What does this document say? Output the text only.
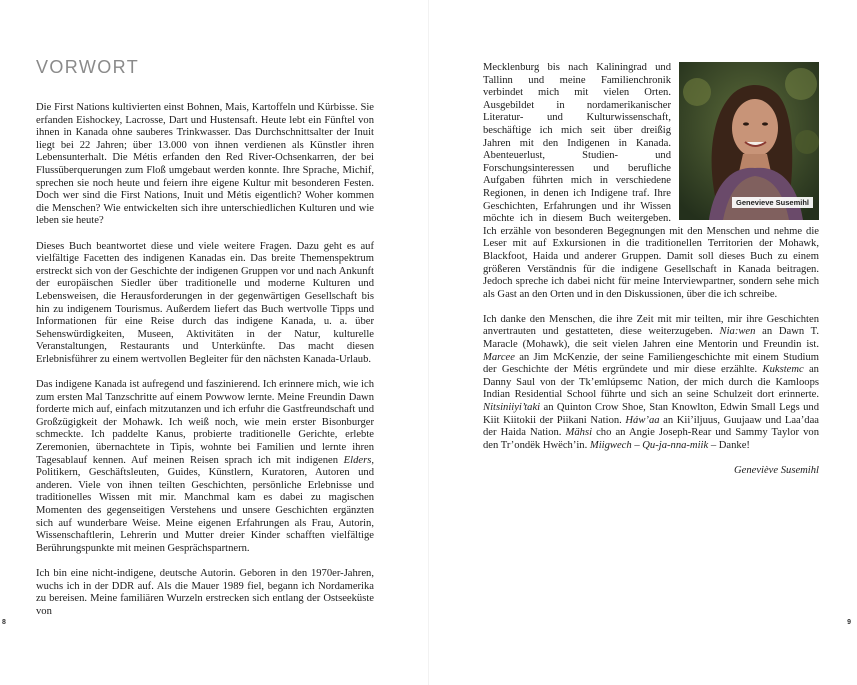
VORWORT

Die First Nations kultivierten einst Bohnen, Mais, Kartoffeln und Kürbisse. Sie erfanden Eishockey, Lacrosse, Dart und Hustensaft. Heute lebt ein Fünftel von ihnen in Kanada ohne sauberes Trinkwasser. Das Durchschnittsalter der Inuit liegt bei 22 Jahren; über 13.000 von ihnen verdienen als Künstler ihren Lebensunterhalt. Die Métis erfanden den Red River-Ochsenkarren, der bei Flussüberquerungen zum Floß umgebaut werden konnte. Ihre Sprache, Michif, sprechen sie noch heute und feiern ihre eigene Kultur mit besonderen Festen. Doch wer sind die First Nations, Inuit und Métis eigentlich? Woher kommen die Menschen? Wie entwickelten sich ihre unterschiedlichen Kulturen und wie leben sie heute?

Dieses Buch beantwortet diese und viele weitere Fragen. Dazu geht es auf vielfältige Facetten des indigenen Kanadas ein. Das breite Themenspektrum erstreckt sich von der Geschichte der indigenen Gruppen vor und nach Ankunft der europäischen Siedler über traditionelle und moderne Kulturen und Lebensweisen, die Herausforderungen in der gegenwärtigen Gesellschaft bis hin zu indigenem Tourismus. Außerdem liefert das Buch wertvolle Tipps und Informationen für eine Reise durch das indigene Kanada, u. a. über Sehenswürdigkeiten, Museen, Aktivitäten in der Natur, kulturelle Veranstaltungen, Restaurants und Unterkünfte. Das macht diesen Erlebnisführer zu einem wertvollen Begleiter für den nächsten Kanada-Urlaub.

Das indigene Kanada ist aufregend und faszinierend. Ich erinnere mich, wie ich zum ersten Mal Tanzschritte auf einem Powwow lernte. Meine Freundin Dawn forderte mich auf, einfach mitzutanzen und ich erfuhr die Gastfreundschaft und Großzügigkeit der Mohawk. Ich weiß noch, wie mein erster Bisonburger schmeckte. Ich paddelte Kanus, probierte traditionelle Gerichte, erlebte Zeremonien, übernachtete in Tipis, wohnte bei Familien und lernte ihren Tagesablauf kennen. Auf meinen Reisen sprach ich mit indigenen Elders, Politikern, Geschäftsleuten, Guides, Künstlern, Kuratoren, Autoren und anderen. Viele von ihnen teilten Geschichten, persönliche Erlebnisse und traditionelles Wissen mit mir. Manchmal kam es dabei zu magischen Momenten des gegenseitigen Verstehens und unsere Geschichten ergänzten sich auf wunderbare Weise. Meine eigenen Erfahrungen als Frau, Autorin, Wissenschaftlerin, Lehrerin und Mutter dreier Kinder schafften vielfältige Berührungspunkte mit meinen Gesprächspartnern.

Ich bin eine nicht-indigene, deutsche Autorin. Geboren in den 1970er-Jahren, wuchs ich in der DDR auf. Als die Mauer 1989 fiel, begann ich Nordamerika zu bereisen. Meine familiären Wurzeln erstrecken sich entlang der Ostseeküste von

8
Genevieve Susemihl

Mecklenburg bis nach Kaliningrad und Tallinn und meine Familienchronik verbindet mich mit vielen Orten. Ausgebildet in nordamerikanischer Literatur- und Kulturwissenschaft, beschäftige ich mich seit über dreißig Jahren mit den Indigenen in Kanada. Abenteuerlust, Studien- und Forschungsinteressen und berufliche Aufgaben führten mich in verschiedene Regionen, in denen ich Indigene traf. Ihre Geschichten, Erfahrungen und ihr Wissen möchte ich in diesem Buch weitergeben. Ich erzähle von besonderen Begegnungen mit den Menschen und nehme die Leser mit auf Exkursionen in die traditionellen Territorien der Mohawk, Blackfoot, Haida und anderer Gruppen. Damit soll dieses Buch zu einem größeren Verständnis für die indigene Gesellschaft in Kanada beitragen. Jedoch spreche ich dabei nicht für meine Interviewpartner, sondern sehe mich als Gast an den Orten und in den Diskussionen, über die ich schreibe.

Ich danke den Menschen, die ihre Zeit mit mir teilten, mir ihre Geschichten anvertrauten und gestatteten, diese weiterzugeben. Nia:wen an Dawn T. Maracle (Mohawk), die seit vielen Jahren eine Mentorin und Freundin ist. Marcee an Jim McKenzie, der seine Familiengeschichte mit einem Studium der Geschichte der Métis ergründete und mir diese erzählte. Kukstemc an Danny Saul von der Tk’emlúpsemc Nation, der mich durch die Kamloops Indian Residential School führte und sich an seine Schulzeit dort erinnerte. Nitsiniiyi’taki an Quinton Crow Shoe, Stan Knowlton, Edwin Small Legs und Kiit Kiitokii der Piikani Nation. Háw’aa an Kii’iljuus, Guujaaw und Laa’daa der Haida Nation. Mähsi cho an Angie Joseph-Rear und Sammy Taylor von den Tr’ondëk Hwëch’in. Miigwech – Qu-ja-nna-miik – Danke!

Geneviève Susemihl

9
